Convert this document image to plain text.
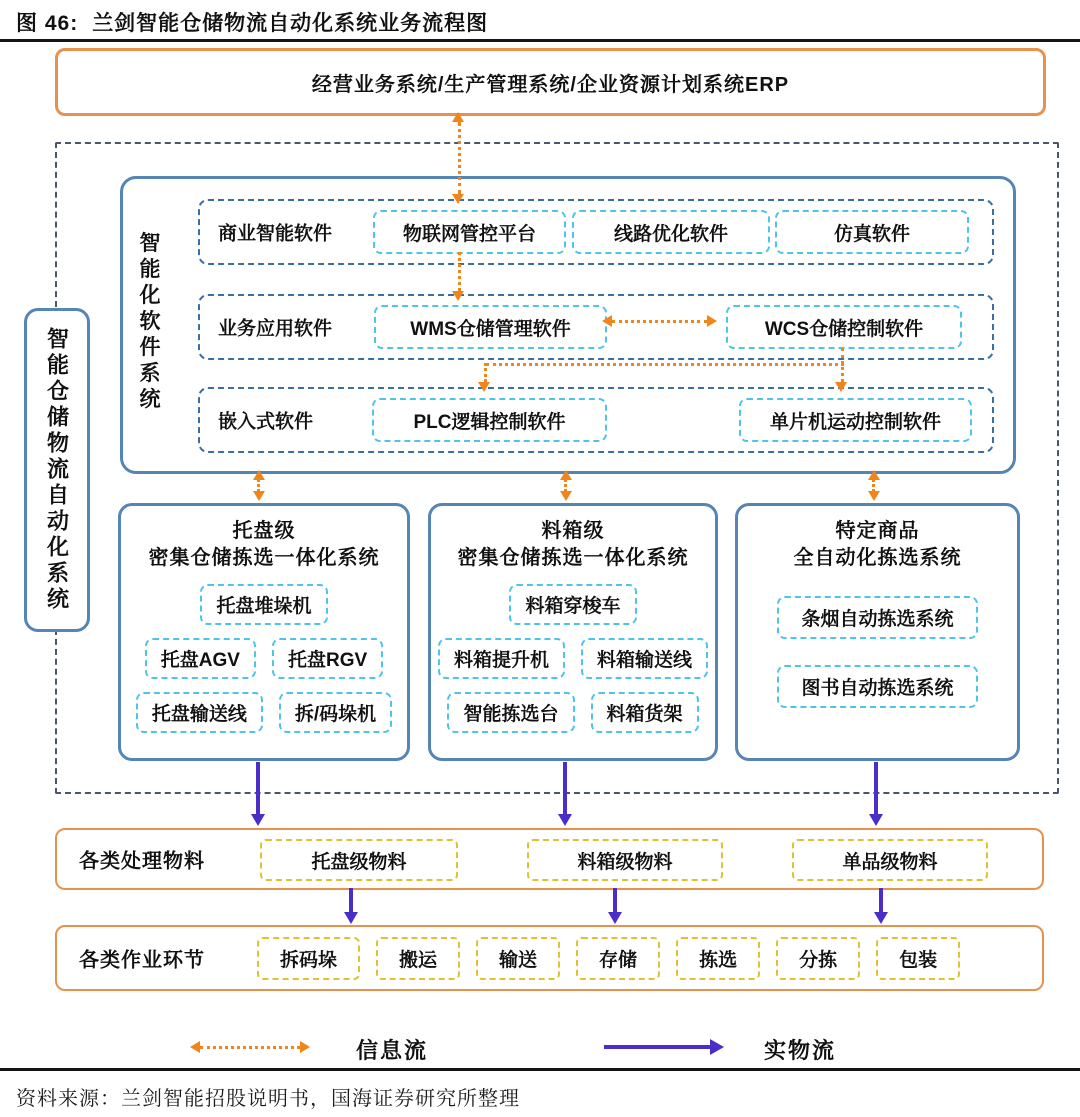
图 46: 兰剑智能仓储物流自动化系统业务流程图
经营业务系统/生产管理系统/企业资源计划系统ERP
智能仓储物流自动化系统
智能化软件系统	商业智能软件	物联网管控平台	线路优化软件	仿真软件
业务应用软件	WMS仓储管理软件	WCS仓储控制软件
嵌入式软件	PLC逻辑控制软件	单片机运动控制软件
托盘级
密集仓储拣选一体化系统
托盘堆垛机
托盘AGV	托盘RGV
托盘输送线	拆/码垛机
料箱级
密集仓储拣选一体化系统
料箱穿梭车
料箱提升机	料箱输送线
智能拣选台	料箱货架
特定商品
全自动化拣选系统
条烟自动拣选系统
图书自动拣选系统
各类处理物料	托盘级物料	料箱级物料	单品级物料
各类作业环节	拆码垛	搬运	输送	存储	拣选	分拣	包装
信息流	实物流
资料来源：兰剑智能招股说明书，国海证券研究所整理
